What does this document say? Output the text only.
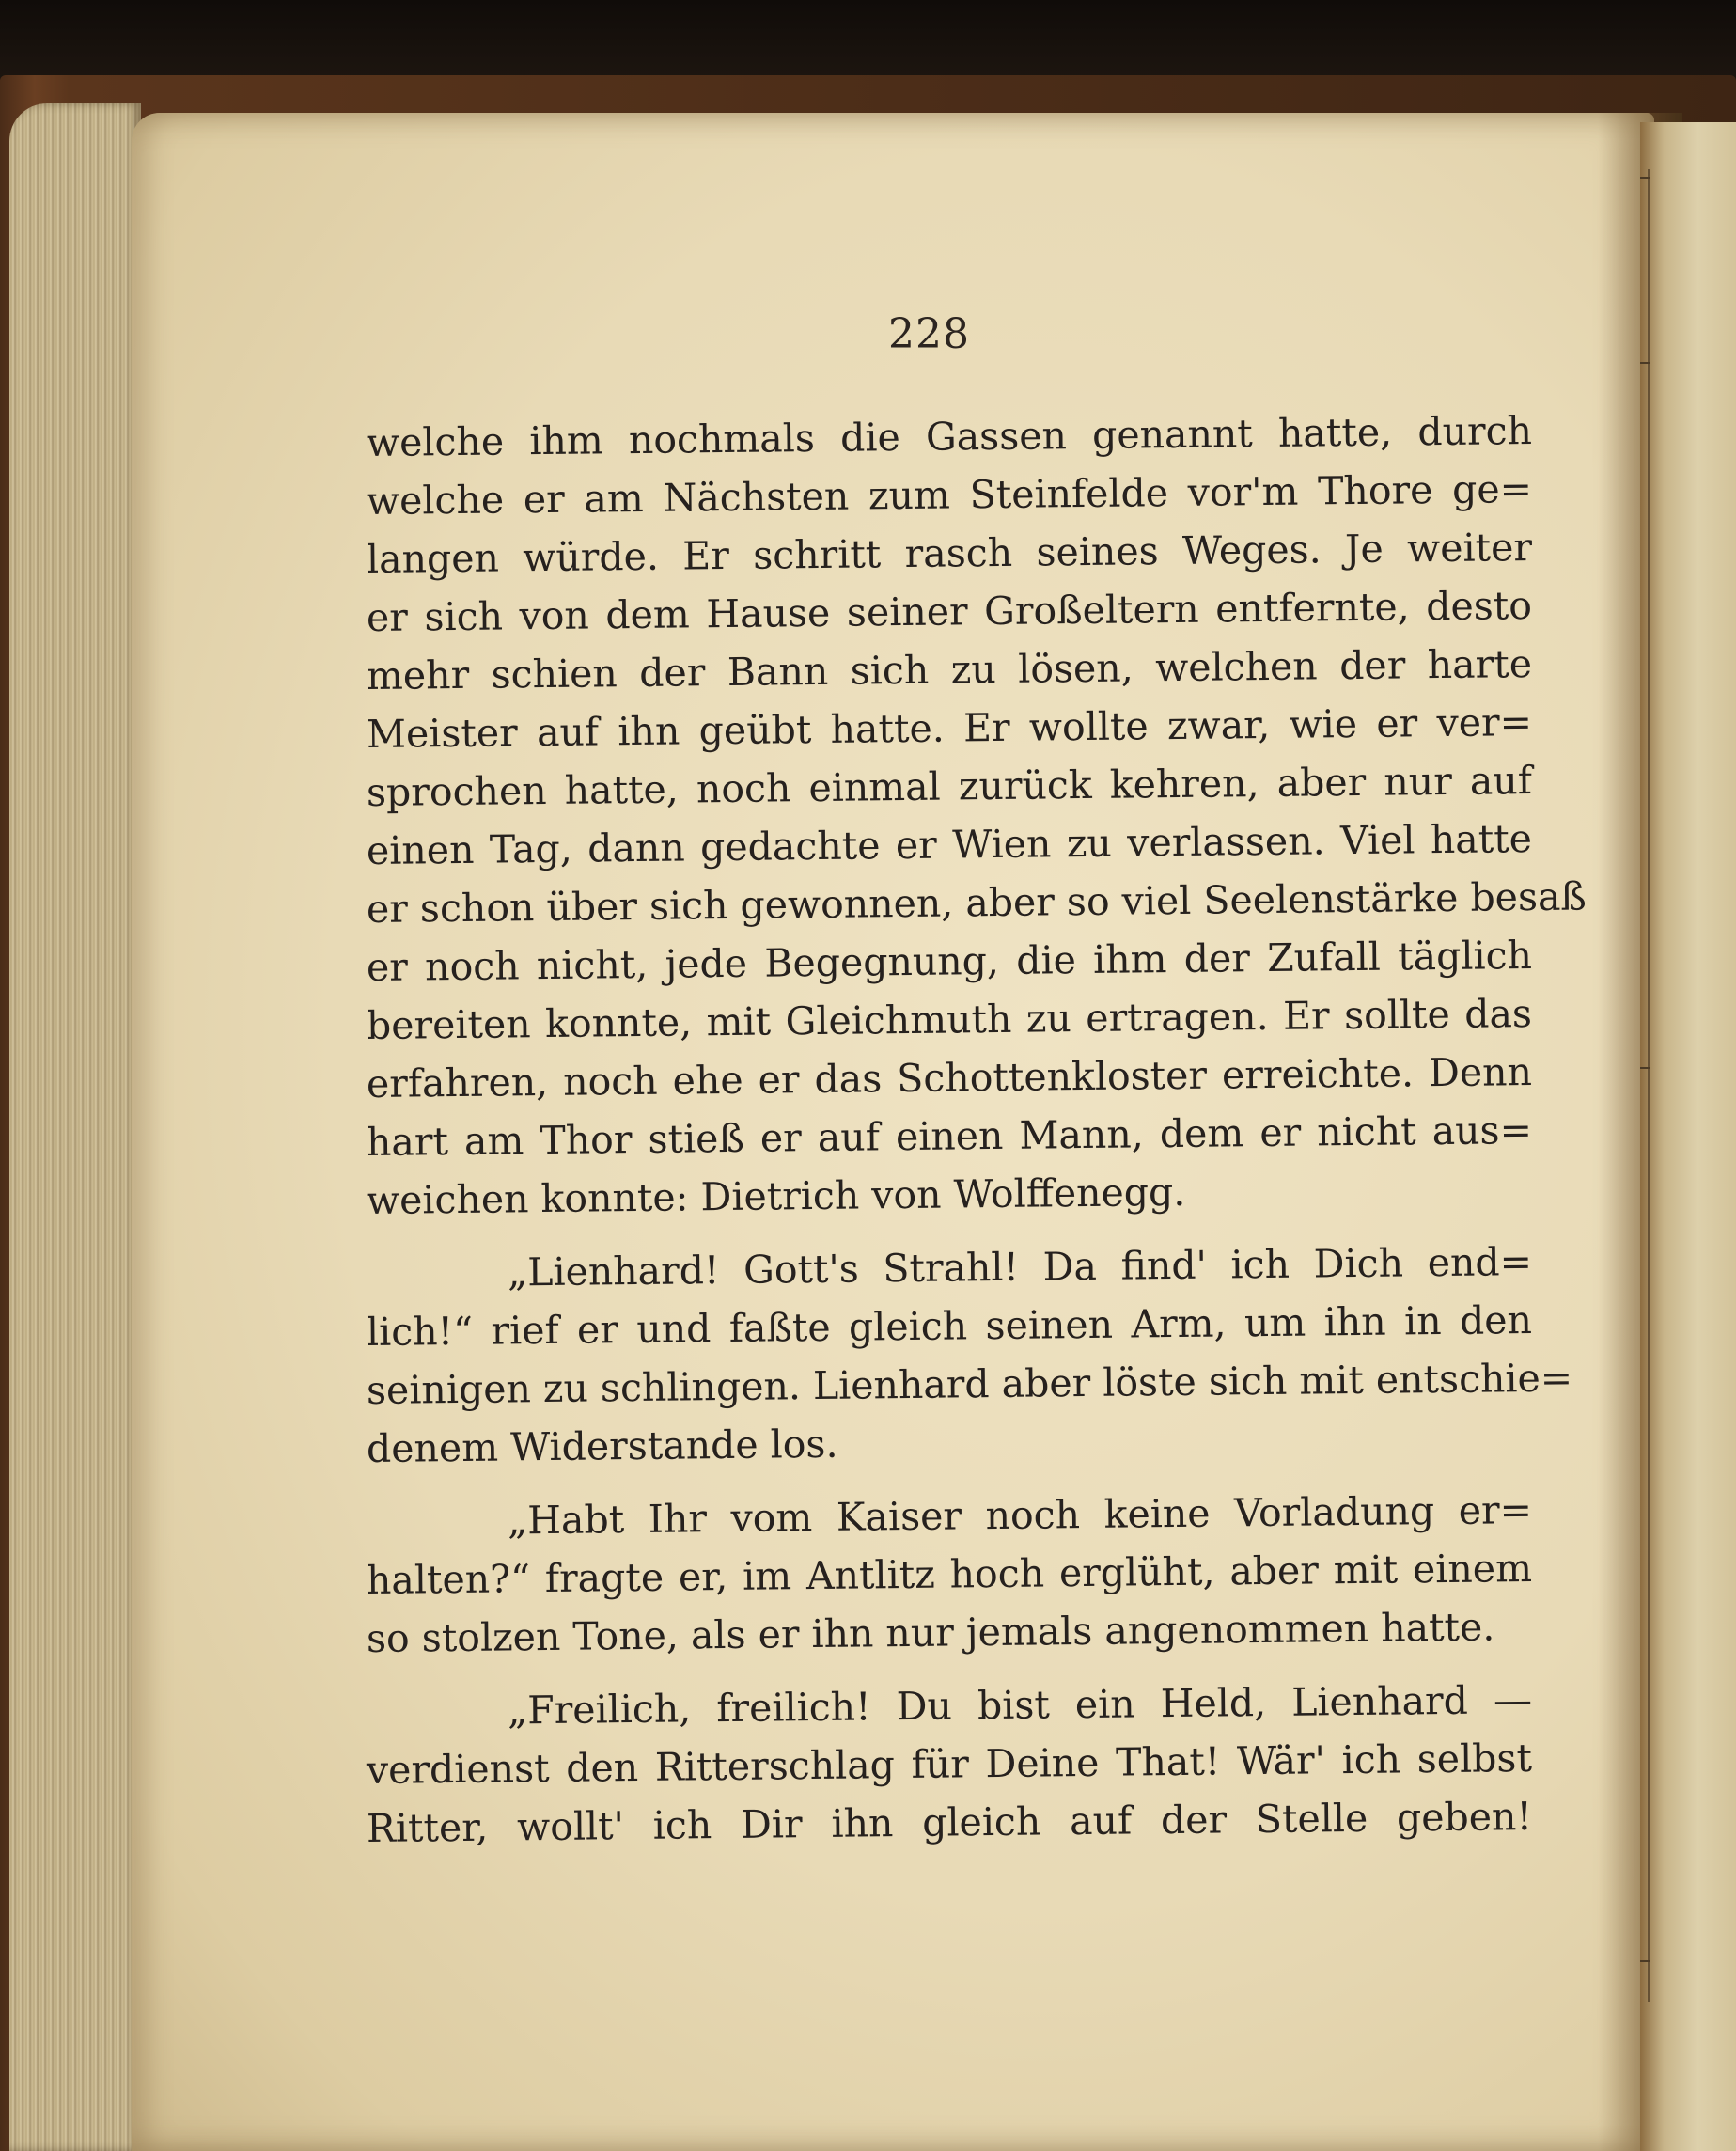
228
welche ihm nochmals die Gassen genannt hatte, durch
welche er am Nächsten zum Steinfelde vor'm Thore ge=
langen würde. Er schritt rasch seines Weges. Je weiter
er sich von dem Hause seiner Großeltern entfernte, desto
mehr schien der Bann sich zu lösen, welchen der harte
Meister auf ihn geübt hatte. Er wollte zwar, wie er ver=
sprochen hatte, noch einmal zurück kehren, aber nur auf
einen Tag, dann gedachte er Wien zu verlassen. Viel hatte
er schon über sich gewonnen, aber so viel Seelenstärke besaß
er noch nicht, jede Begegnung, die ihm der Zufall täglich
bereiten konnte, mit Gleichmuth zu ertragen. Er sollte das
erfahren, noch ehe er das Schottenkloster erreichte. Denn
hart am Thor stieß er auf einen Mann, dem er nicht aus=
weichen konnte: Dietrich von Wolffenegg.
„Lienhard! Gott's Strahl! Da find' ich Dich end=
lich!“ rief er und faßte gleich seinen Arm, um ihn in den
seinigen zu schlingen. Lienhard aber löste sich mit entschie=
denem Widerstande los.
„Habt Ihr vom Kaiser noch keine Vorladung er=
halten?“ fragte er, im Antlitz hoch erglüht, aber mit einem
so stolzen Tone, als er ihn nur jemals angenommen hatte.
„Freilich, freilich! Du bist ein Held, Lienhard —
verdienst den Ritterschlag für Deine That! Wär' ich selbst
Ritter, wollt' ich Dir ihn gleich auf der Stelle geben!
